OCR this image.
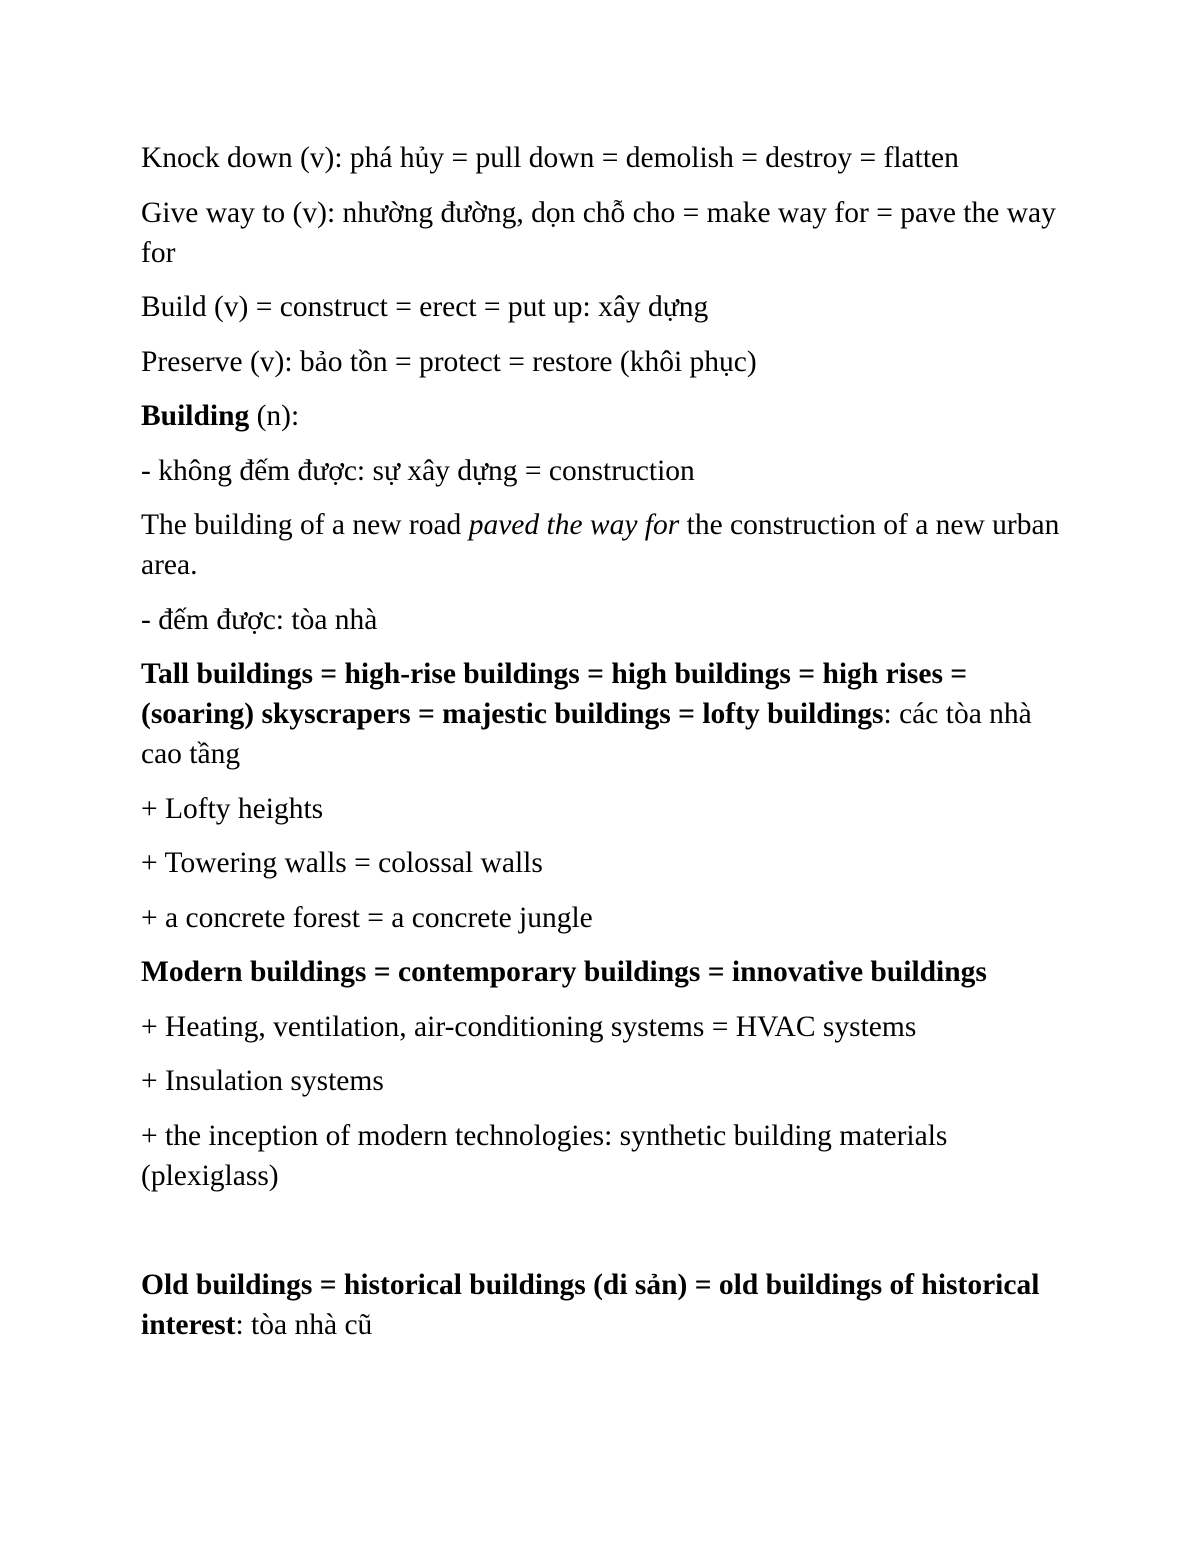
Knock down (v): phá hủy = pull down = demolish = destroy = flatten

Give way to (v): nhường đường, dọn chỗ cho = make way for = pave the way for

Build (v) = construct = erect = put up: xây dựng

Preserve (v): bảo tồn = protect = restore (khôi phục)

Building (n):

- không đếm được: sự xây dựng = construction

The building of a new road paved the way for the construction of a new urban area.

- đếm được: tòa nhà

Tall buildings = high-rise buildings = high buildings = high rises = (soaring) skyscrapers = majestic buildings = lofty buildings: các tòa nhà cao tầng

+ Lofty heights

+ Towering walls = colossal walls

+ a concrete forest = a concrete jungle

Modern buildings = contemporary buildings = innovative buildings

+ Heating, ventilation, air-conditioning systems = HVAC systems

+ Insulation systems

+ the inception of modern technologies: synthetic building materials (plexiglass)

Old buildings = historical buildings (di sản) = old buildings of historical interest: tòa nhà cũ
